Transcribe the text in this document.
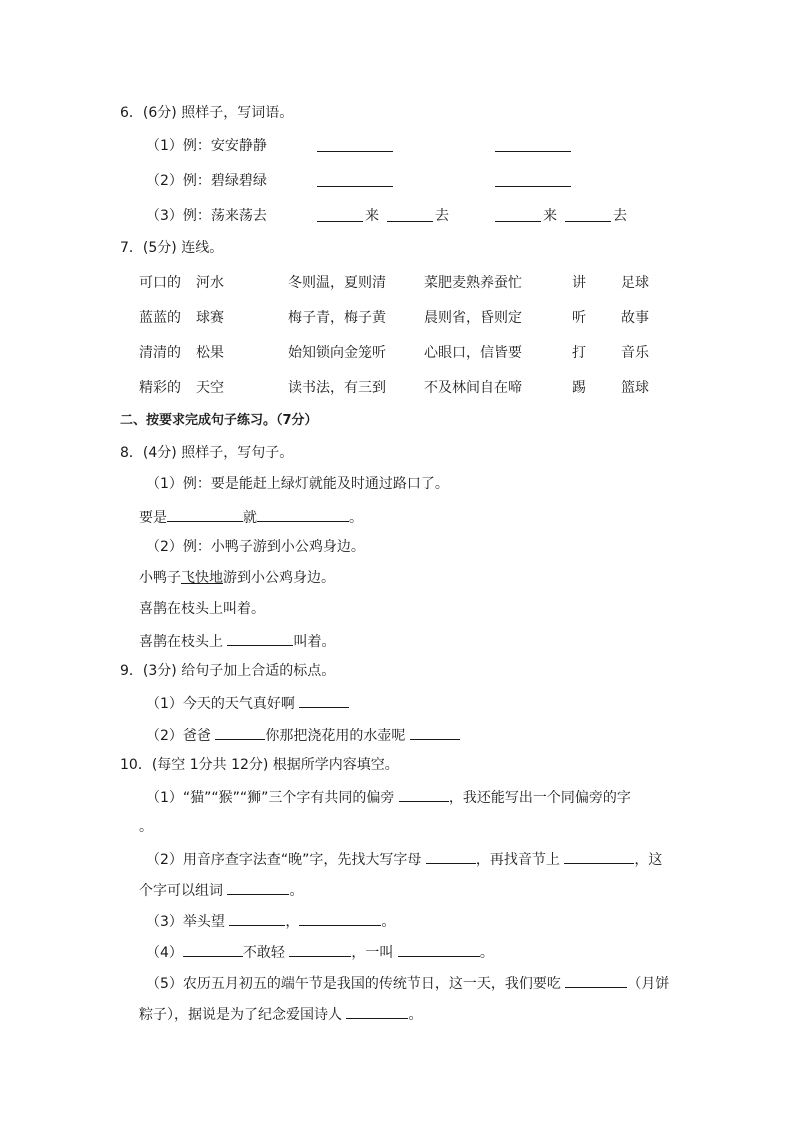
6．(6分) 照样子，写词语。
（1）例：安安静静
（2）例：碧绿碧绿
（3）例：荡来荡去	来	去	来	去
7．(5分) 连线。
可口的 河水	冬则温，夏则清	菜肥麦熟养蚕忙	讲	足球
蓝蓝的 球赛	梅子青，梅子黄	晨则省，昏则定	听	故事
清清的 松果	始知锁向金笼听	心眼口，信皆要	打	音乐
精彩的 天空	读书法，有三到	不及林间自在啼	踢	篮球
二、按要求完成句子练习。（7分）
8．(4分) 照样子，写句子。
（1）例：要是能赶上绿灯就能及时通过路口了。
要是	就	。
（2）例：小鸭子游到小公鸡身边。
小鸭子飞快地游到小公鸡身边。
喜鹊在枝头上叫着。
喜鹊在枝头上	叫着。
9．(3分) 给句子加上合适的标点。
（1）今天的天气真好啊
（2）爸爸	你那把浇花用的水壶呢
10．(每空 1分共 12分) 根据所学内容填空。
（1）“猫”“猴”“狮”三个字有共同的偏旁	，我还能写出一个同偏旁的字
。
（2）用音序查字法查“晚”字，先找大写字母	，再找音节上	，这
个字可以组词	。
（3）举头望	，	。
（4）	不敢轻	，一叫	。
（5）农历五月初五的端午节是我国的传统节日，这一天，我们要吃	（月饼
粽子），据说是为了纪念爱国诗人	。
